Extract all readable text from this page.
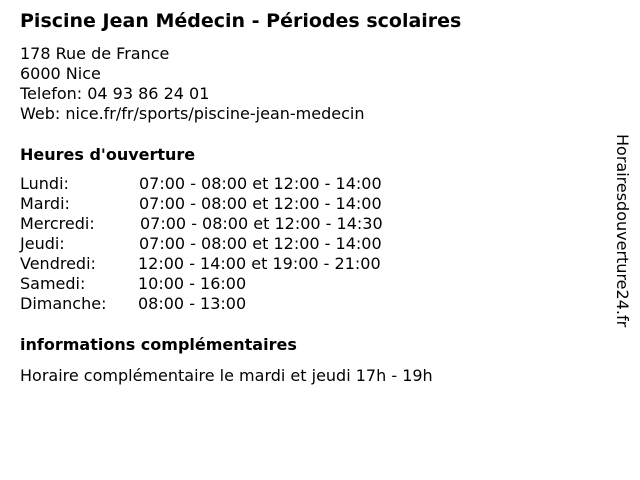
Piscine Jean Médecin - Périodes scolaires
178 Rue de France
6000 Nice
Telefon: 04 93 86 24 01
Web: nice.fr/fr/sports/piscine-jean-medecin
Heures d'ouverture
Lundi:	07:00 - 08:00 et 12:00 - 14:00
Mardi:	07:00 - 08:00 et 12:00 - 14:00
Mercredi:	07:00 - 08:00 et 12:00 - 14:30
Jeudi:	07:00 - 08:00 et 12:00 - 14:00
Vendredi:	12:00 - 14:00 et 19:00 - 21:00
Samedi:	10:00 - 16:00
Dimanche: 08:00 - 13:00
informations complémentaires
Horaire complémentaire le mardi et jeudi 17h - 19h
Horairesdouverture24.fr
